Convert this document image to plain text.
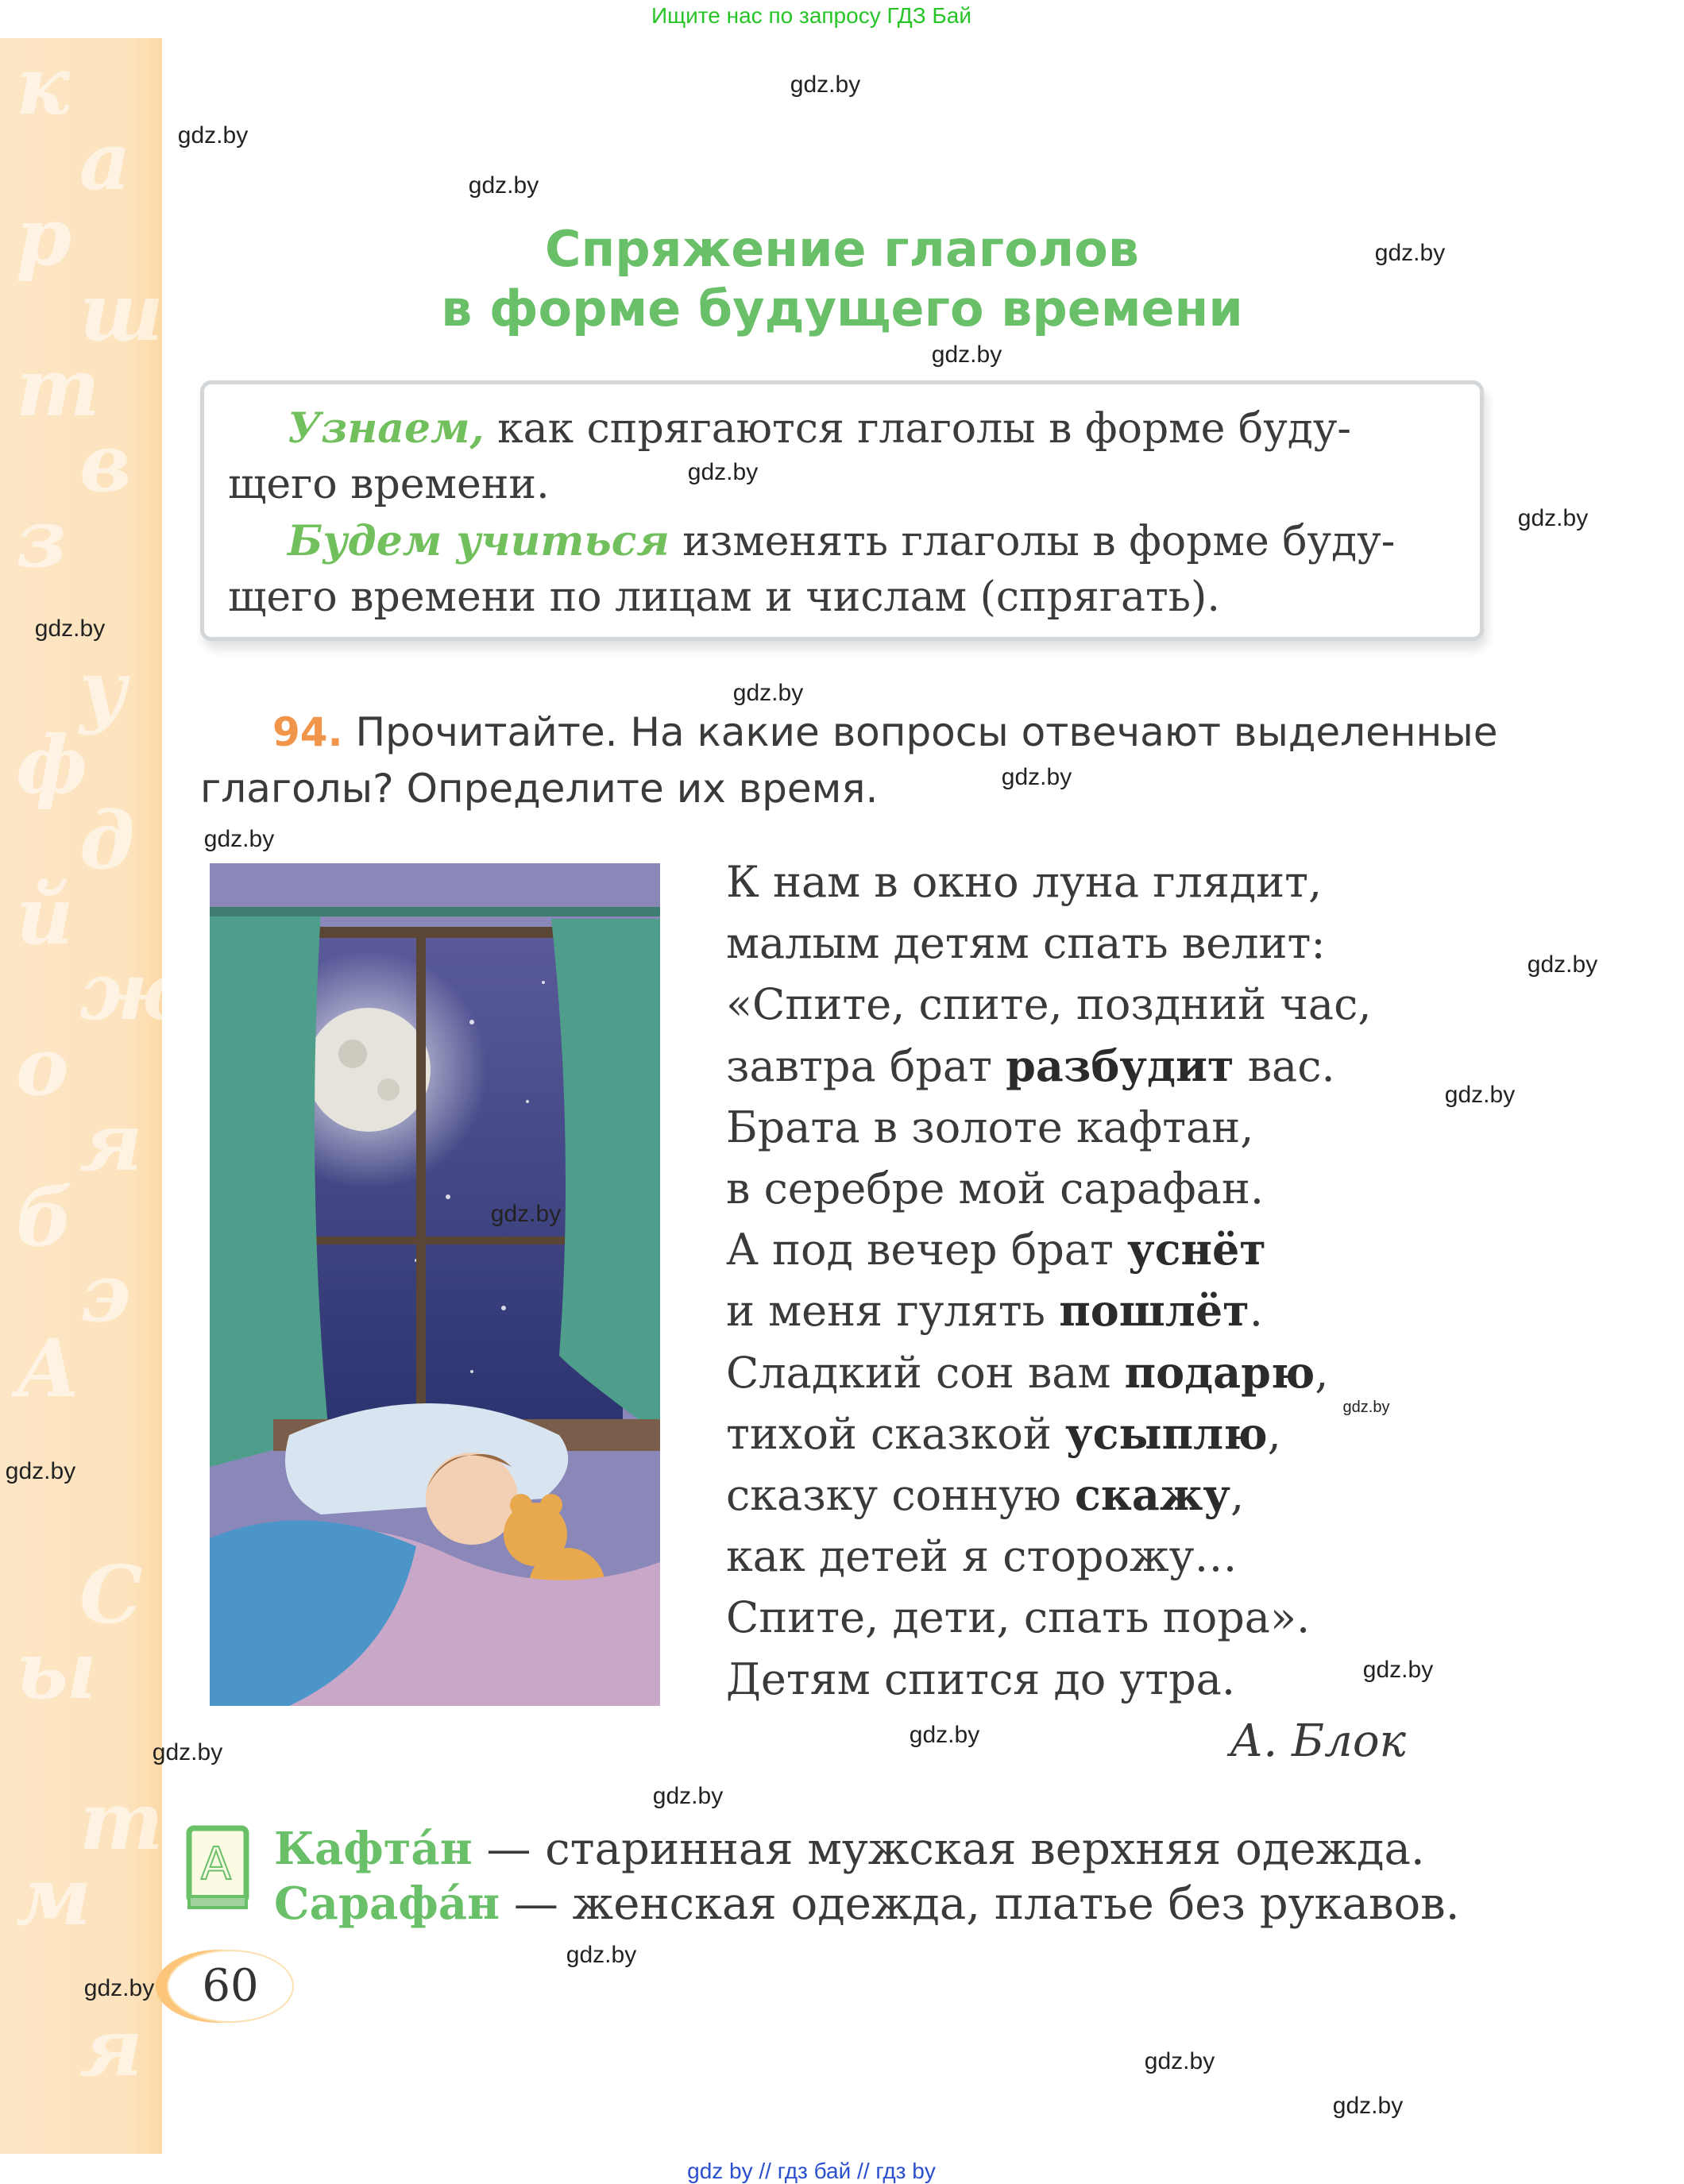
Ищите нас по запросу ГДЗ Бай
к
а
р
ш
т
в
з
у
ф
д
й
ж
о
я
б
э
А
С
ы
т
м
я
Спряжение глаголов
в форме будущего времени
Узнаем, как спрягаются глаголы в форме буду-
щего времени.
Будем учиться изменять глаголы в форме буду-
щего времени по лицам и числам (спрягать).
94. Прочитайте. На какие вопросы отвечают выделенные
глаголы? Определите их время.
К нам в окно луна глядит,
малым детям спать велит:
«Спите, спите, поздний час,
завтра брат разбудит вас.
Брата в золоте кафтан,
в серебре мой сарафан.
А под вечер брат уснёт
и меня гулять пошлёт.
Сладкий сон вам подарю,
тихой сказкой усыплю,
сказку сонную скажу,
как детей я сторожу…
Спите, дети, спать пора».
Детям спится до утра.
А. Блок
A Кафта́н — старинная мужская верхняя одежда.
Сарафа́н — женская одежда, платье без рукавов.
60
gdz.by
gdz.by
gdz.by
gdz.by
gdz.by
gdz.by
gdz.by
gdz.by
gdz.by
gdz.by
gdz.by
gdz.by
gdz.by
gdz.by
gdz.by
gdz.by
gdz.by
gdz.by
gdz.by
gdz.by
gdz.by
gdz.by
gdz.by
gdz.by
gdz by // гдз бай // гдз by
